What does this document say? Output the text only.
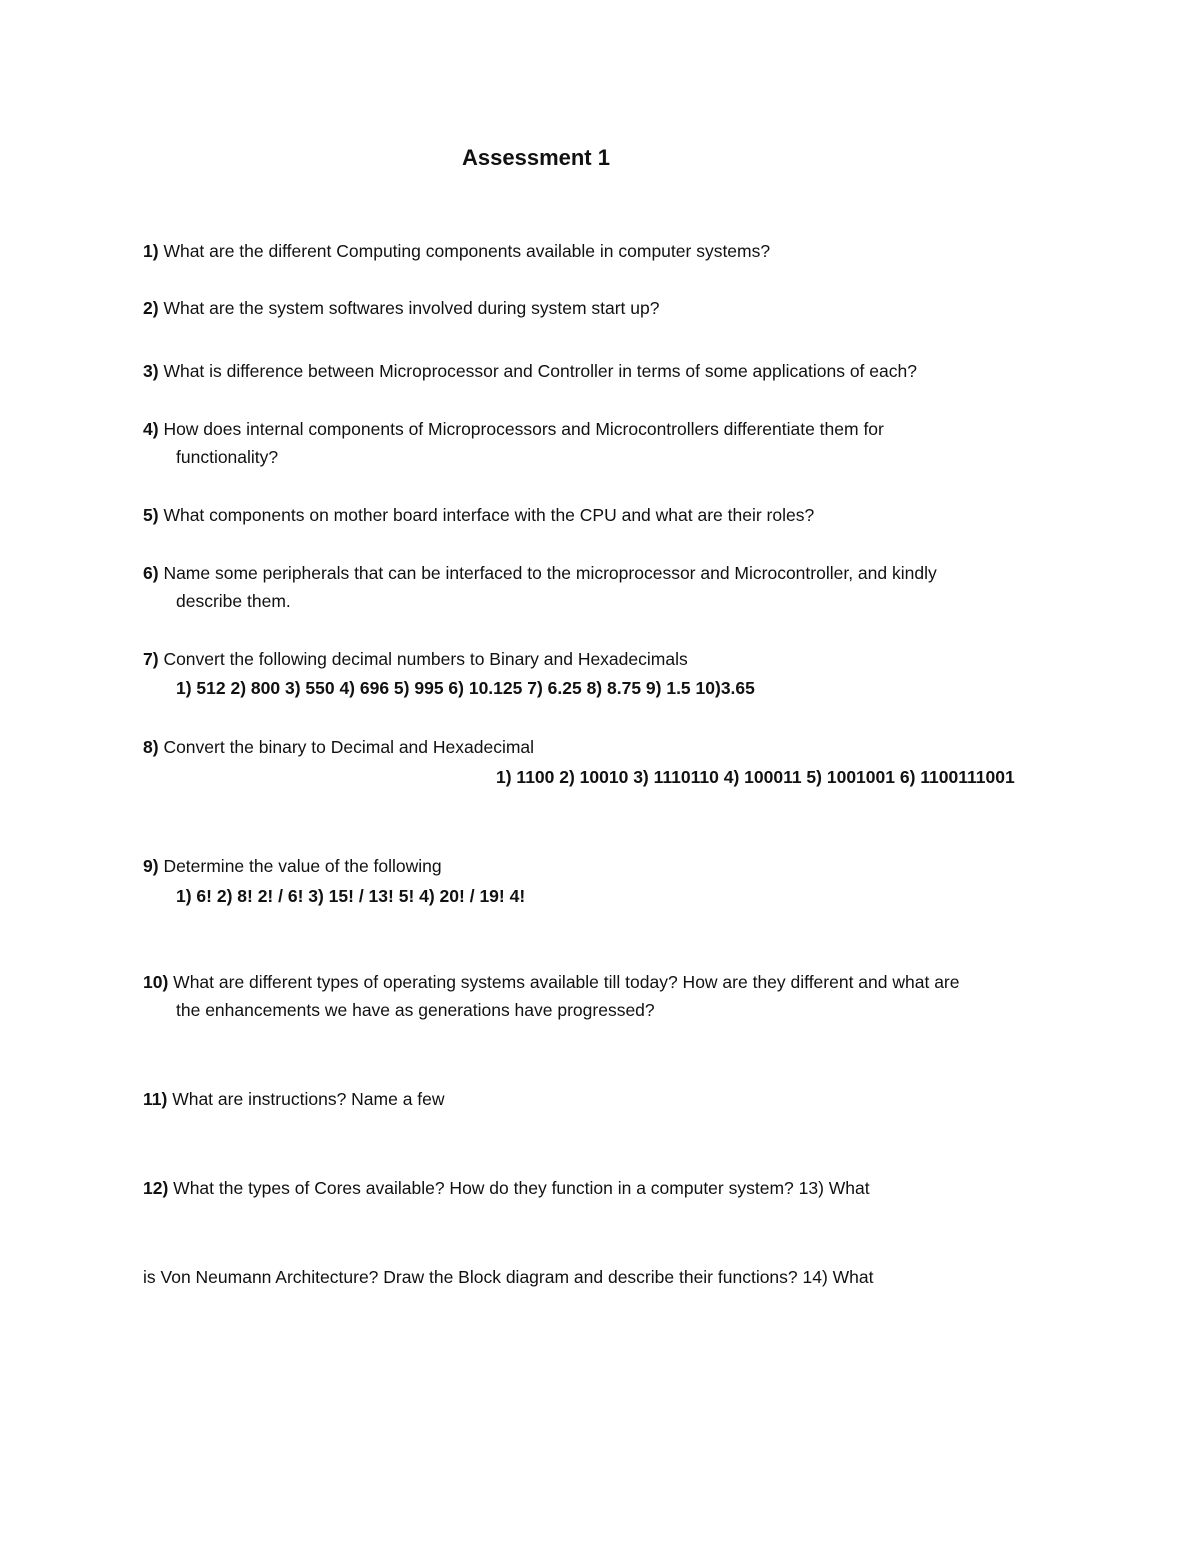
Assessment 1
1) What are the different Computing components available in computer systems?
2) What are the system softwares involved during system start up?
3) What is difference between Microprocessor and Controller in terms of some applications of each?
4) How does internal components of Microprocessors and Microcontrollers differentiate them for
functionality?
5) What components on mother board interface with the CPU and what are their roles?
6) Name some peripherals that can be interfaced to the microprocessor and Microcontroller, and kindly
describe them.
7) Convert the following decimal numbers to Binary and Hexadecimals
1) 512 2) 800 3) 550 4) 696 5) 995 6) 10.125 7) 6.25 8) 8.75 9) 1.5 10)3.65
8) Convert the binary to Decimal and Hexadecimal
1) 1100 2) 10010 3) 1110110 4) 100011 5) 1001001 6) 1100111001
9) Determine the value of the following
1) 6! 2) 8! 2! / 6! 3) 15! / 13! 5! 4) 20! / 19! 4!
10) What are different types of operating systems available till today? How are they different and what are
the enhancements we have as generations have progressed?
11) What are instructions? Name a few
12) What the types of Cores available? How do they function in a computer system? 13) What
is Von Neumann Architecture? Draw the Block diagram and describe their functions? 14) What
